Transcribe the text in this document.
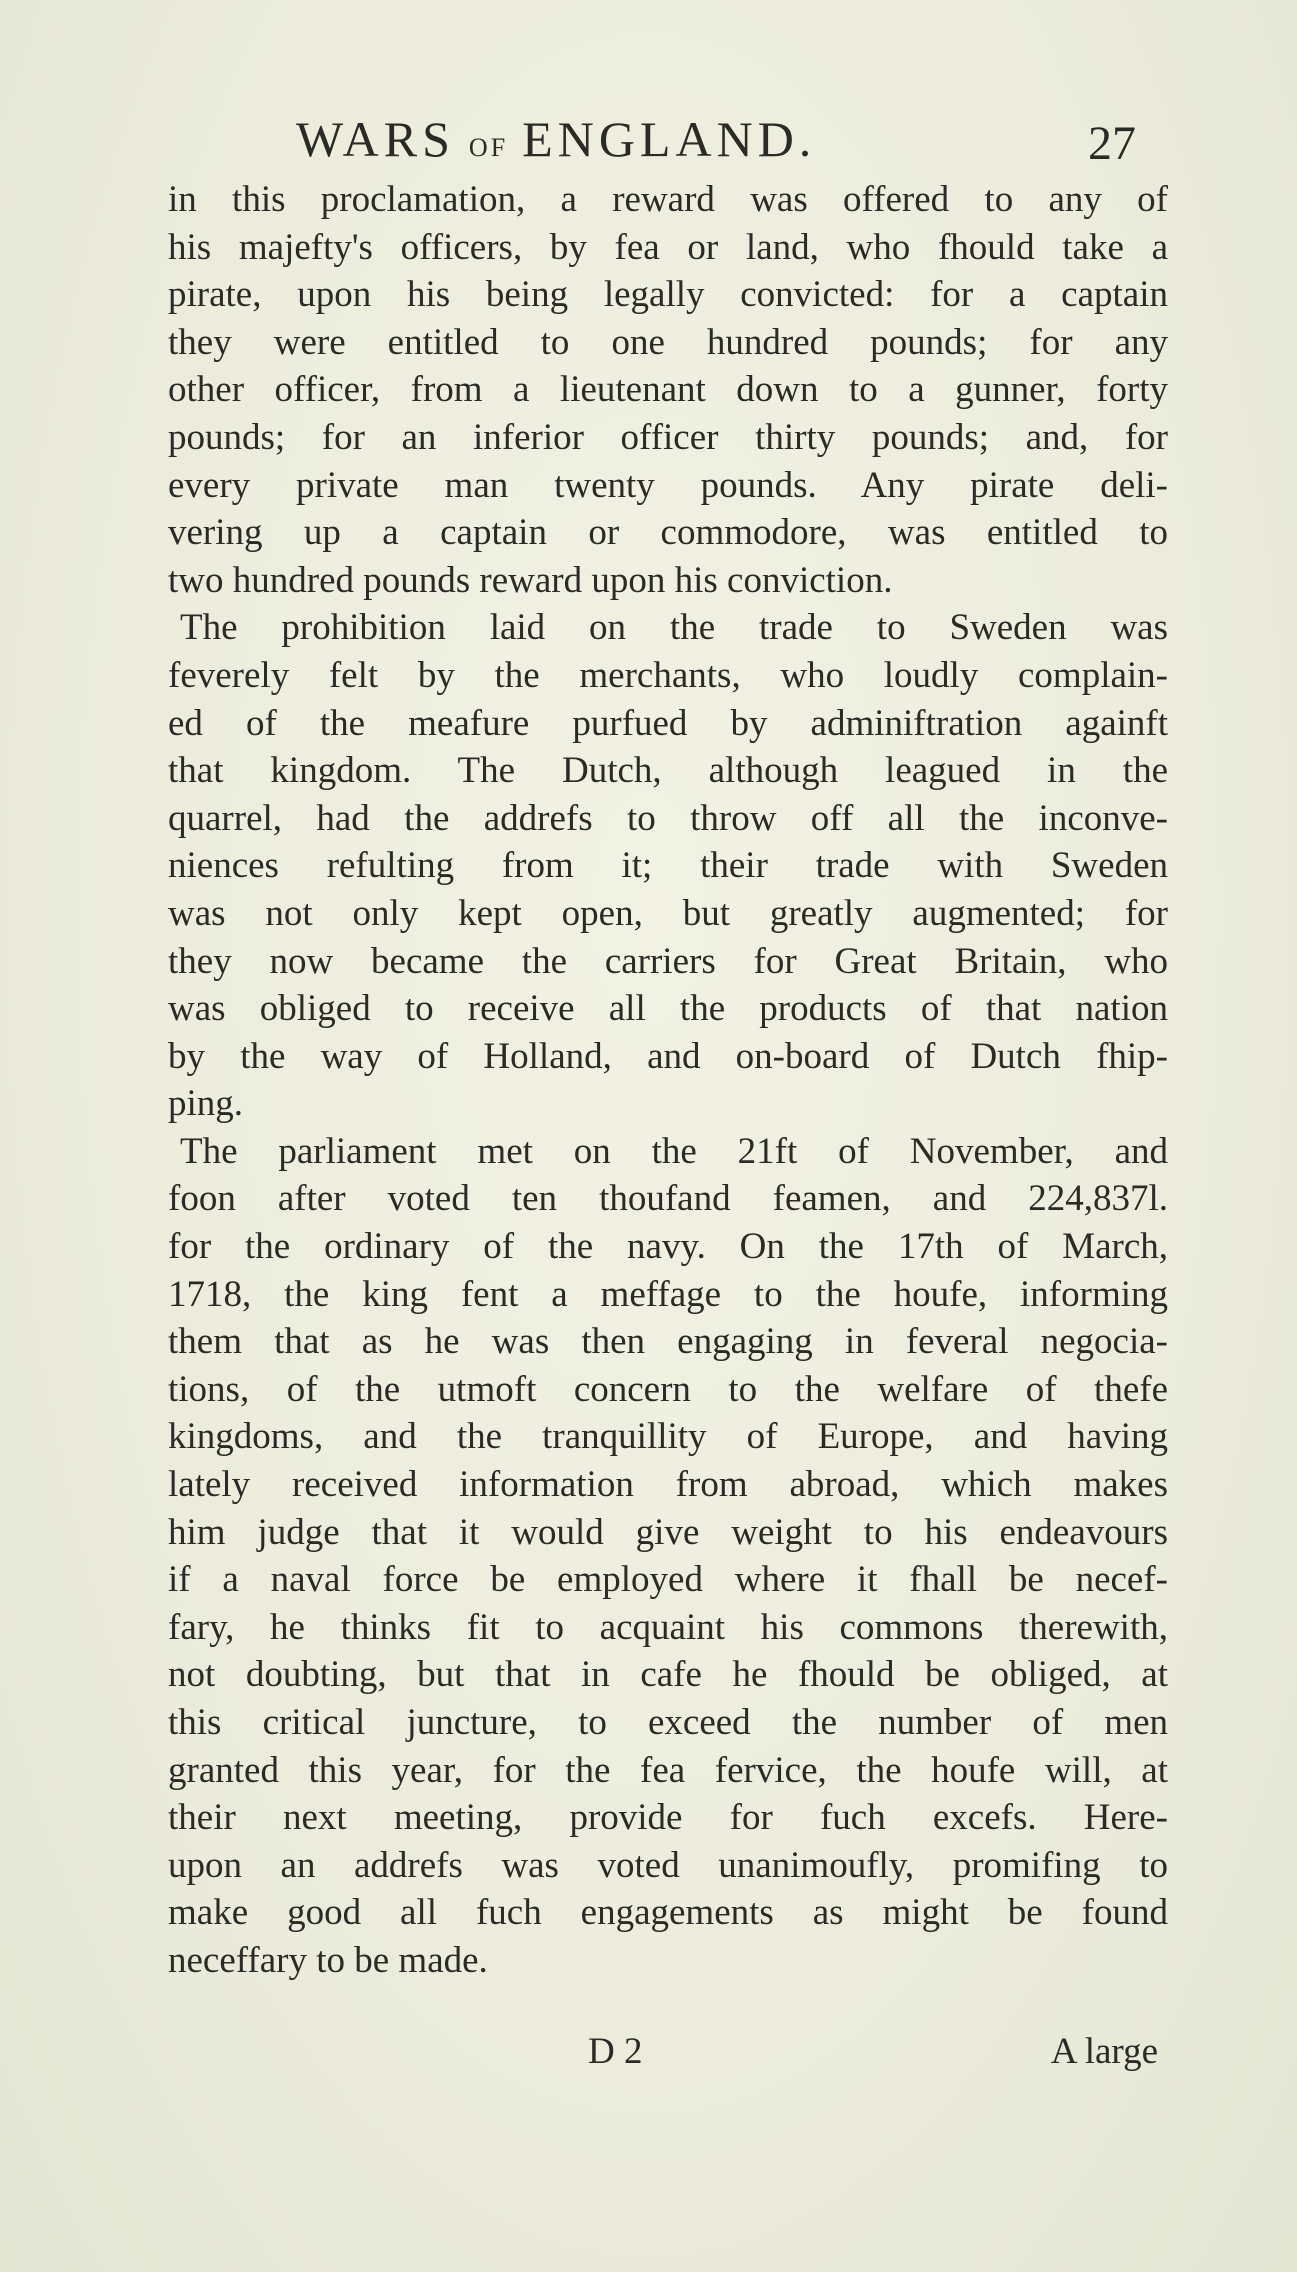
WARS OF ENGLAND.	27
in this proclamation, a reward was offered to any of
his majefty's officers, by fea or land, who fhould take a
pirate, upon his being legally convicted: for a captain
they were entitled to one hundred pounds; for any
other officer, from a lieutenant down to a gunner, forty
pounds; for an inferior officer thirty pounds; and, for
every private man twenty pounds. Any pirate deli-
vering up a captain or commodore, was entitled to
two hundred pounds reward upon his conviction.
The prohibition laid on the trade to Sweden was
feverely felt by the merchants, who loudly complain-
ed of the meafure purfued by adminiftration againft
that kingdom. The Dutch, although leagued in the
quarrel, had the addrefs to throw off all the inconve-
niences refulting from it; their trade with Sweden
was not only kept open, but greatly augmented; for
they now became the carriers for Great Britain, who
was obliged to receive all the products of that nation
by the way of Holland, and on-board of Dutch fhip-
ping.
The parliament met on the 21ft of November, and
foon after voted ten thoufand feamen, and 224,837l.
for the ordinary of the navy. On the 17th of March,
1718, the king fent a meffage to the houfe, informing
them that as he was then engaging in feveral negocia-
tions, of the utmoft concern to the welfare of thefe
kingdoms, and the tranquillity of Europe, and having
lately received information from abroad, which makes
him judge that it would give weight to his endeavours
if a naval force be employed where it fhall be necef-
fary, he thinks fit to acquaint his commons therewith,
not doubting, but that in cafe he fhould be obliged, at
this critical juncture, to exceed the number of men
granted this year, for the fea fervice, the houfe will, at
their next meeting, provide for fuch excefs. Here-
upon an addrefs was voted unanimoufly, promifing to
make good all fuch engagements as might be found
neceffary to be made.
D 2	A large
